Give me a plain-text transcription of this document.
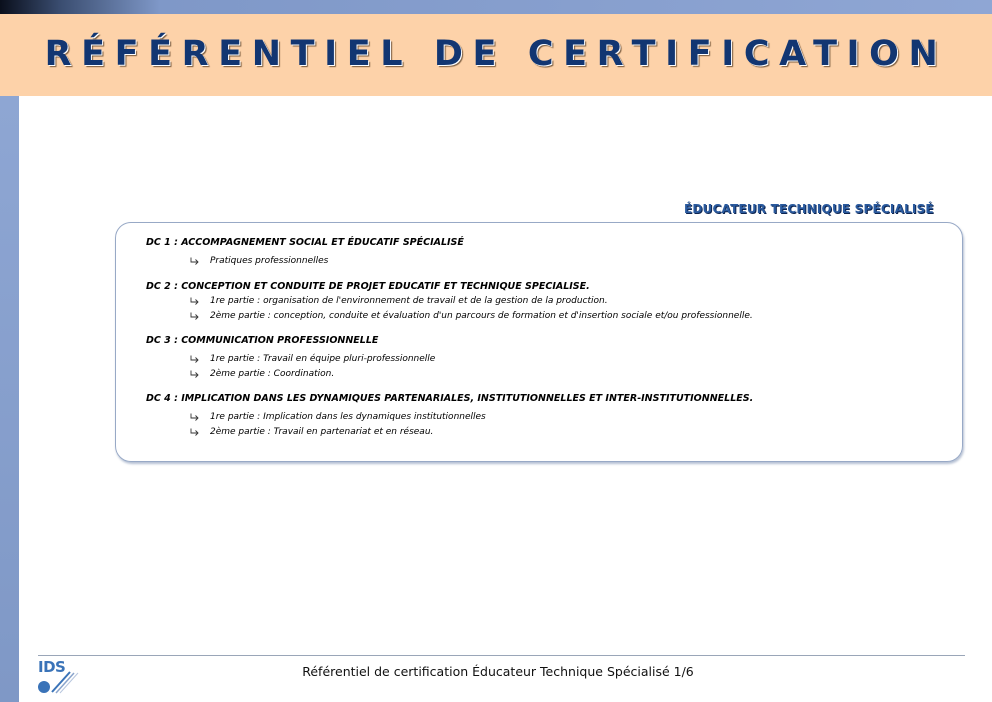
RÉFÉRENTIEL DE CERTIFICATION
ÉDUCATEUR TECHNIQUE SPÉCIALISÉ
DC 1 : ACCOMPAGNEMENT SOCIAL ET ÉDUCATIF SPÉCIALISÉ
Pratiques professionnelles
DC 2 : CONCEPTION ET CONDUITE DE PROJET EDUCATIF ET TECHNIQUE SPECIALISE.
1re partie : organisation de l'environnement de travail et de la gestion de la production.
2ème partie : conception, conduite et évaluation d'un parcours de formation et d'insertion sociale et/ou professionnelle.
DC 3 : COMMUNICATION PROFESSIONNELLE
1re partie : Travail en équipe pluri-professionnelle
2ème partie : Coordination.
DC 4 : IMPLICATION DANS LES DYNAMIQUES PARTENARIALES, INSTITUTIONNELLES ET INTER-INSTITUTIONNELLES.
1re partie : Implication dans les dynamiques institutionnelles
2ème partie : Travail en partenariat et en réseau.
IDS	Référentiel de certification Éducateur Technique Spécialisé 1/6
